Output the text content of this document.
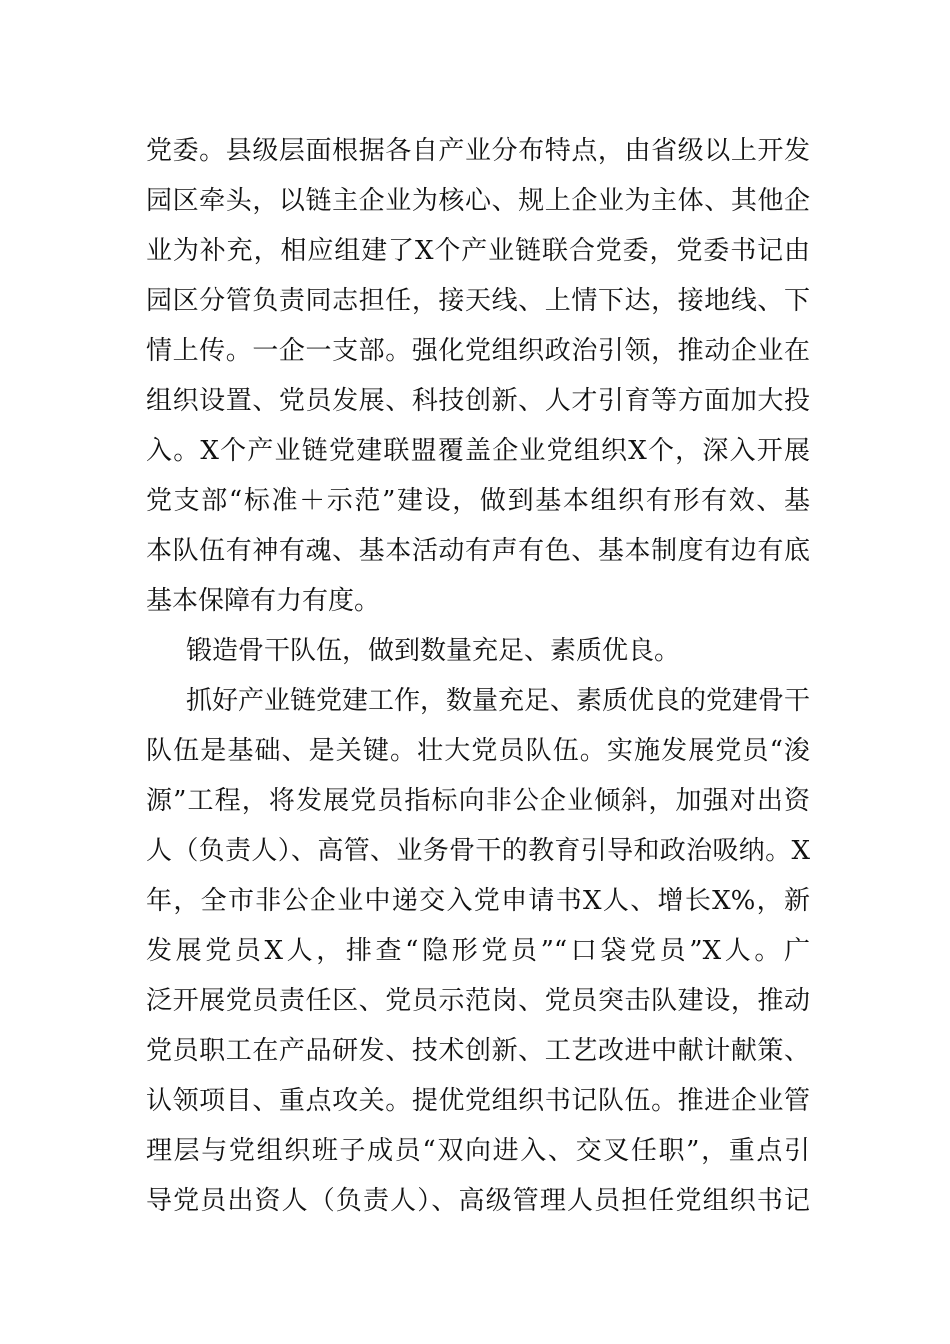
党委。县级层面根据各自产业分布特点，由省级以上开发
园区牵头，以链主企业为核心、规上企业为主体、其他企
业为补充，相应组建了X个产业链联合党委，党委书记由
园区分管负责同志担任，接天线、上情下达，接地线、下
情上传。一企一支部。强化党组织政治引领，推动企业在
组织设置、党员发展、科技创新、人才引育等方面加大投
入。X个产业链党建联盟覆盖企业党组织X个，深入开展
党支部“标准＋示范”建设，做到基本组织有形有效、基
本队伍有神有魂、基本活动有声有色、基本制度有边有底
基本保障有力有度。
锻造骨干队伍，做到数量充足、素质优良。
抓好产业链党建工作，数量充足、素质优良的党建骨干
队伍是基础、是关键。壮大党员队伍。实施发展党员“浚
源”工程，将发展党员指标向非公企业倾斜，加强对出资
人（负责人）、高管、业务骨干的教育引导和政治吸纳。X
年，全市非公企业中递交入党申请书X人、增长X%，新
发展党员X人，排查“隐形党员”“口袋党员”X人。广
泛开展党员责任区、党员示范岗、党员突击队建设，推动
党员职工在产品研发、技术创新、工艺改进中献计献策、
认领项目、重点攻关。提优党组织书记队伍。推进企业管
理层与党组织班子成员“双向进入、交叉任职”，重点引
导党员出资人（负责人）、高级管理人员担任党组织书记
